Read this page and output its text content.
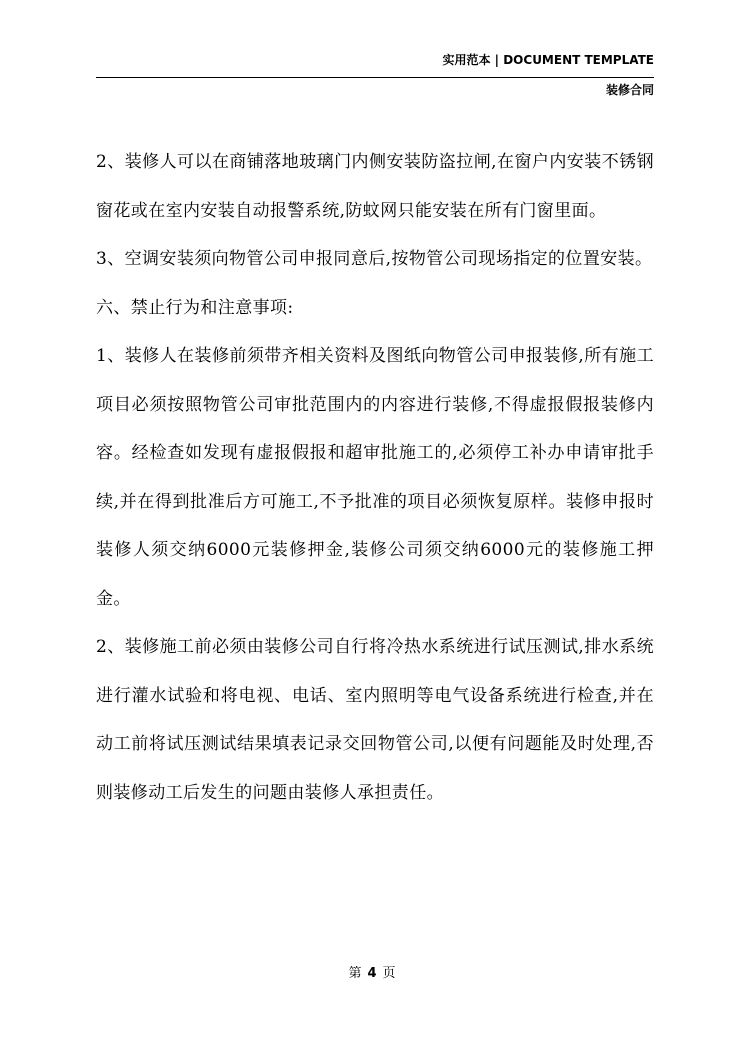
实用范本 | DOCUMENT TEMPLATE
装修合同

2、装修人可以在商铺落地玻璃门内侧安装防盗拉闸,在窗户内安装不锈钢窗花或在室内安装自动报警系统,防蚊网只能安装在所有门窗里面。

3、空调安装须向物管公司申报同意后,按物管公司现场指定的位置安装。

六、禁止行为和注意事项:

1、装修人在装修前须带齐相关资料及图纸向物管公司申报装修,所有施工项目必须按照物管公司审批范围内的内容进行装修,不得虚报假报装修内容。经检查如发现有虚报假报和超审批施工的,必须停工补办申请审批手续,并在得到批准后方可施工,不予批准的项目必须恢复原样。装修申报时装修人须交纳6000元装修押金,装修公司须交纳6000元的装修施工押金。

2、装修施工前必须由装修公司自行将冷热水系统进行试压测试,排水系统进行灌水试验和将电视、电话、室内照明等电气设备系统进行检查,并在动工前将试压测试结果填表记录交回物管公司,以便有问题能及时处理,否则装修动工后发生的问题由装修人承担责任。

第 4 页
